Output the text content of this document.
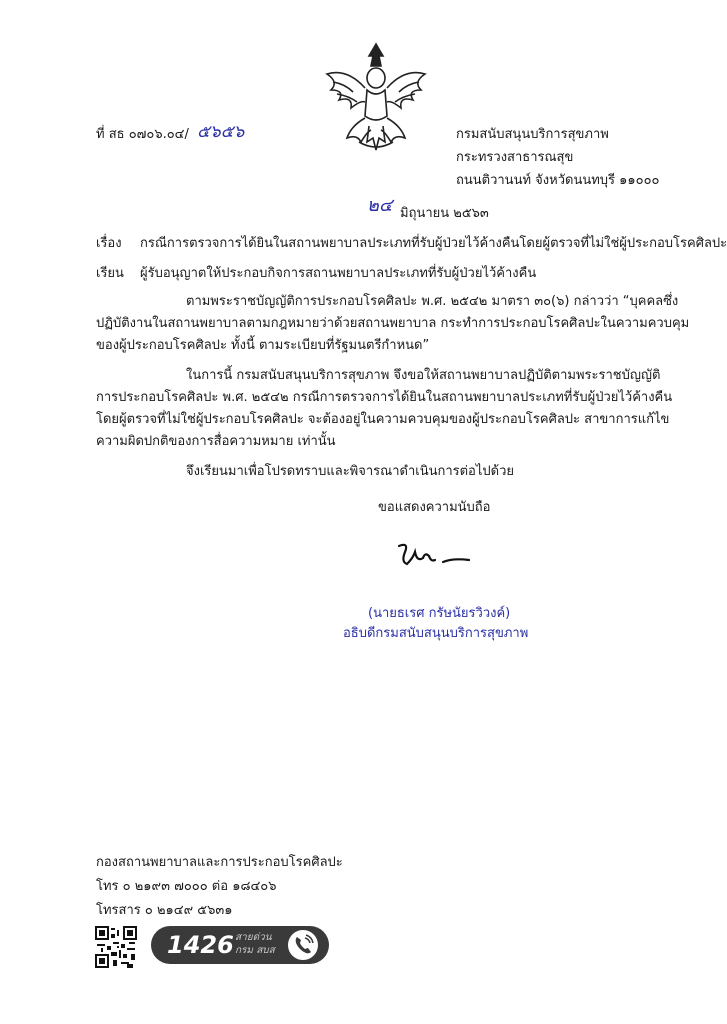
ที่ สธ ๐๗๐๖.๐๔/ ๕๖๕๖	กรมสนับสนุนบริการสุขภาพ
กระทรวงสาธารณสุข
ถนนติวานนท์ จังหวัดนนทบุรี ๑๑๐๐๐
๒๔ มิถุนายน ๒๕๖๓
เรื่อง กรณีการตรวจการได้ยินในสถานพยาบาลประเภทที่รับผู้ป่วยไว้ค้างคืนโดยผู้ตรวจที่ไม่ใช่ผู้ประกอบโรคศิลปะ
เรียน ผู้รับอนุญาตให้ประกอบกิจการสถานพยาบาลประเภทที่รับผู้ป่วยไว้ค้างคืน
ตามพระราชบัญญัติการประกอบโรคศิลปะ พ.ศ. ๒๕๔๒ มาตรา ๓๐(๖) กล่าวว่า “บุคคลซึ่ง
ปฏิบัติงานในสถานพยาบาลตามกฎหมายว่าด้วยสถานพยาบาล กระทำการประกอบโรคศิลปะในความควบคุม
ของผู้ประกอบโรคศิลปะ ทั้งนี้ ตามระเบียบที่รัฐมนตรีกำหนด”
ในการนี้ กรมสนับสนุนบริการสุขภาพ จึงขอให้สถานพยาบาลปฏิบัติตามพระราชบัญญัติ
การประกอบโรคศิลปะ พ.ศ. ๒๕๔๒ กรณีการตรวจการได้ยินในสถานพยาบาลประเภทที่รับผู้ป่วยไว้ค้างคืน
โดยผู้ตรวจที่ไม่ใช่ผู้ประกอบโรคศิลปะ จะต้องอยู่ในความควบคุมของผู้ประกอบโรคศิลปะ สาขาการแก้ไข
ความผิดปกติของการสื่อความหมาย เท่านั้น
จึงเรียนมาเพื่อโปรดทราบและพิจารณาดำเนินการต่อไปด้วย
ขอแสดงความนับถือ
(นายธเรศ กรัษนัยรวิวงค์)
อธิบดีกรมสนับสนุนบริการสุขภาพ
กองสถานพยาบาลและการประกอบโรคศิลปะ
โทร ๐ ๒๑๙๓ ๗๐๐๐ ต่อ ๑๘๔๐๖
โทรสาร ๐ ๒๑๔๙ ๕๖๓๑
1426 สายด่วน กรม สบส
